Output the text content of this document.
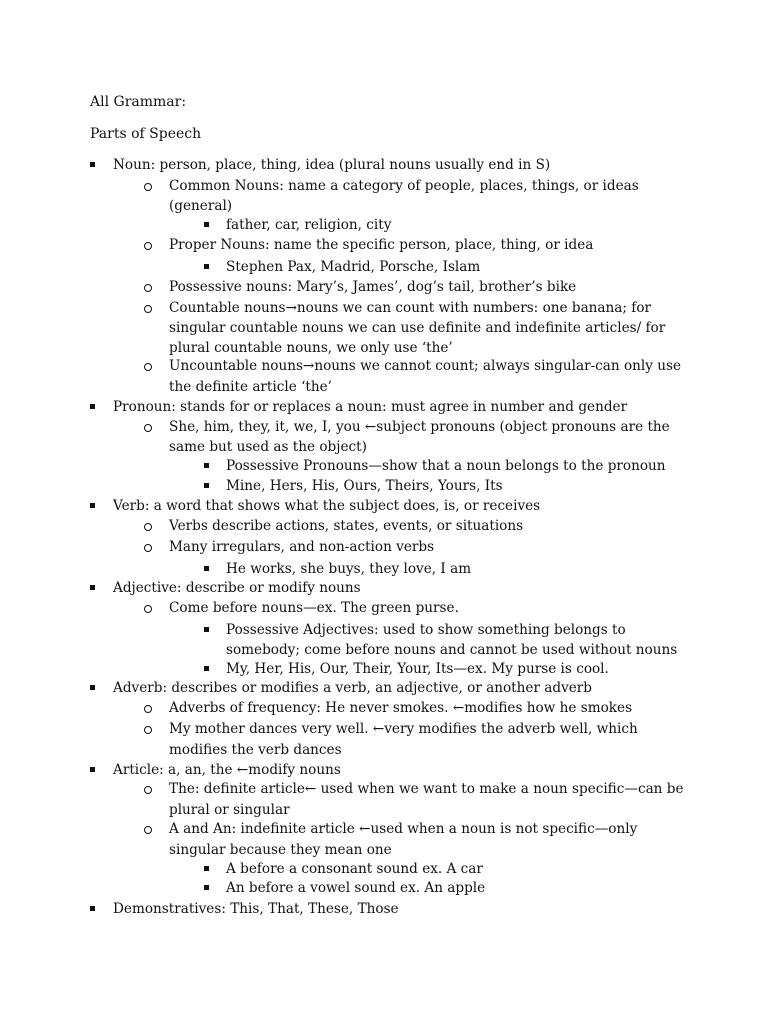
All Grammar:
Parts of Speech
Noun: person, place, thing, idea (plural nouns usually end in S)
Common Nouns: name a category of people, places, things, or ideas
(general)
father, car, religion, city
Proper Nouns: name the specific person, place, thing, or idea
Stephen Pax, Madrid, Porsche, Islam
Possessive nouns: Mary’s, James’, dog’s tail, brother’s bike
Countable nouns→nouns we can count with numbers: one banana; for
singular countable nouns we can use definite and indefinite articles/ for
plural countable nouns, we only use ‘the’
Uncountable nouns→nouns we cannot count; always singular-can only use
the definite article ‘the’
Pronoun: stands for or replaces a noun: must agree in number and gender
She, him, they, it, we, I, you ←subject pronouns (object pronouns are the
same but used as the object)
Possessive Pronouns—show that a noun belongs to the pronoun
Mine, Hers, His, Ours, Theirs, Yours, Its
Verb: a word that shows what the subject does, is, or receives
Verbs describe actions, states, events, or situations
Many irregulars, and non-action verbs
He works, she buys, they love, I am
Adjective: describe or modify nouns
Come before nouns—ex. The green purse.
Possessive Adjectives: used to show something belongs to
somebody; come before nouns and cannot be used without nouns
My, Her, His, Our, Their, Your, Its—ex. My purse is cool.
Adverb: describes or modifies a verb, an adjective, or another adverb
Adverbs of frequency: He never smokes. ←modifies how he smokes
My mother dances very well. ←very modifies the adverb well, which
modifies the verb dances
Article: a, an, the ←modify nouns
The: definite article← used when we want to make a noun specific—can be
plural or singular
A and An: indefinite article ←used when a noun is not specific—only
singular because they mean one
A before a consonant sound ex. A car
An before a vowel sound ex. An apple
Demonstratives: This, That, These, Those
